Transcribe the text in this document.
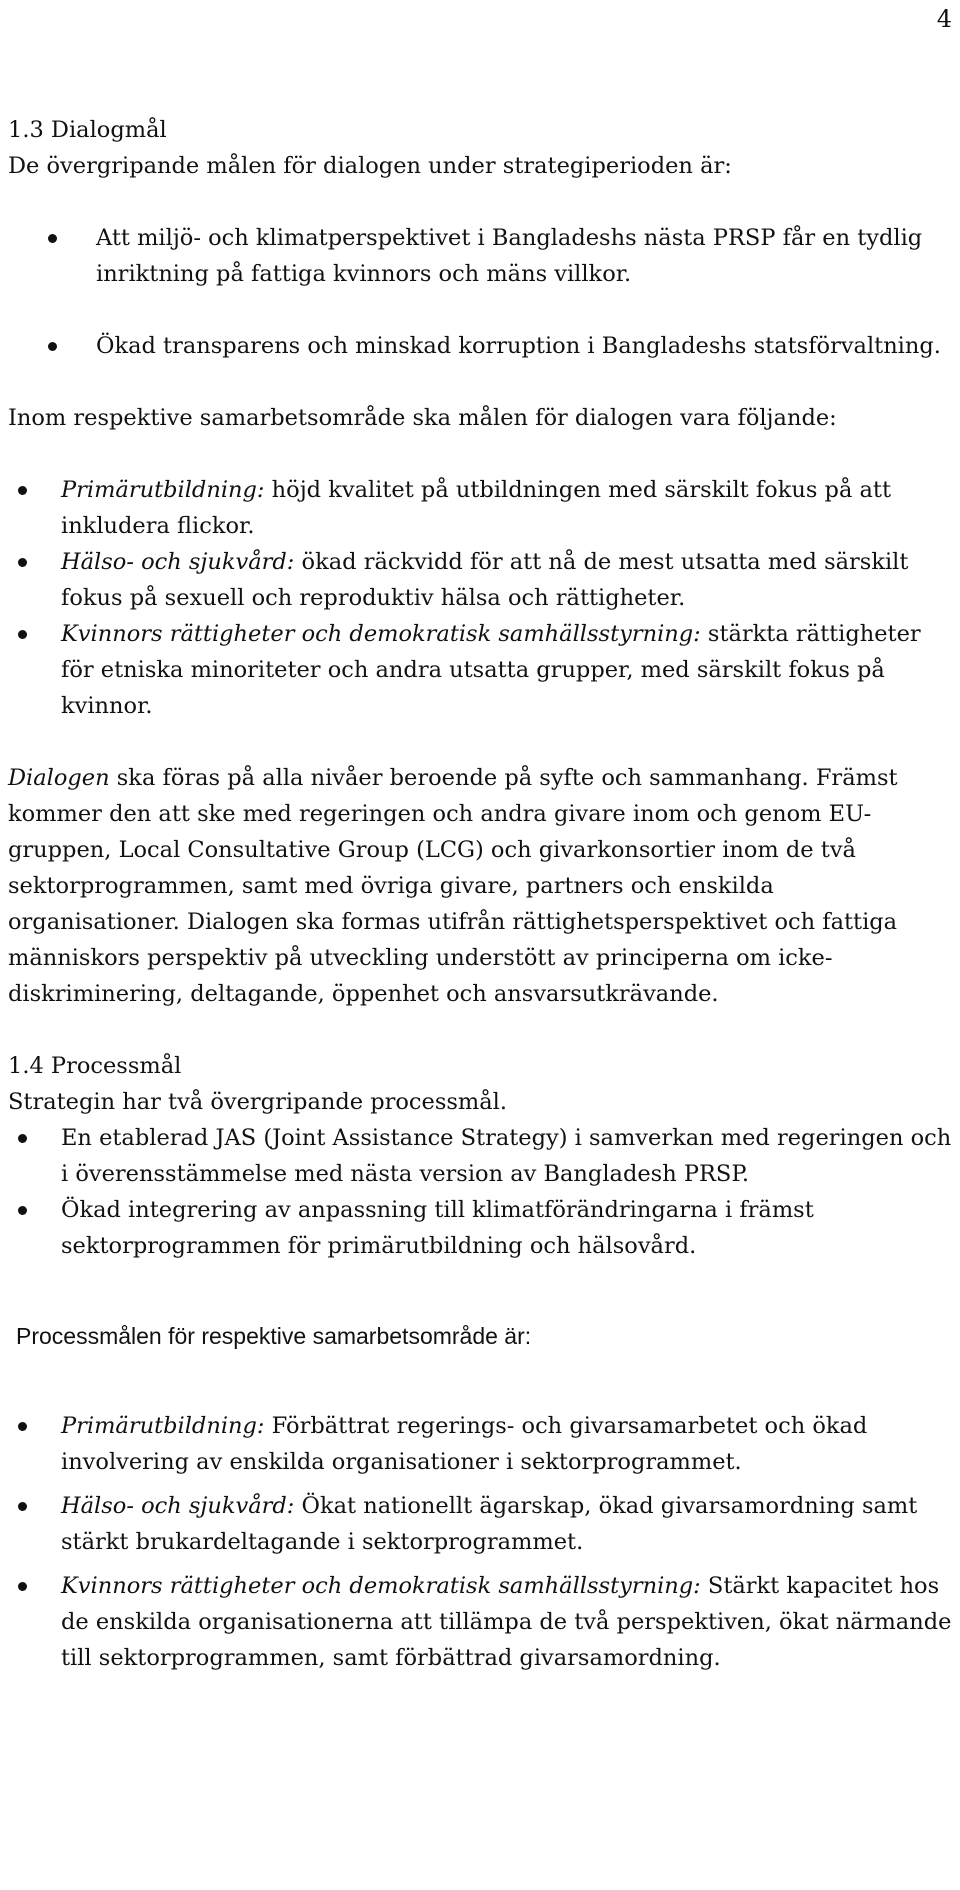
4

1.3 Dialogmål

De övergripande målen för dialogen under strategiperioden är:

Att miljö- och klimatperspektivet i Bangladeshs nästa PRSP får en tydlig inriktning på fattiga kvinnors och mäns villkor.
Ökad transparens och minskad korruption i Bangladeshs statsförvaltning.

Inom respektive samarbetsområde ska målen för dialogen vara följande:

Primärutbildning: höjd kvalitet på utbildningen med särskilt fokus på att inkludera flickor.
Hälso- och sjukvård: ökad räckvidd för att nå de mest utsatta med särskilt fokus på sexuell och reproduktiv hälsa och rättigheter.
Kvinnors rättigheter och demokratisk samhällsstyrning: stärkta rättigheter för etniska minoriteter och andra utsatta grupper, med särskilt fokus på kvinnor.

Dialogen ska föras på alla nivåer beroende på syfte och sammanhang. Främst kommer den att ske med regeringen och andra givare inom och genom EU-gruppen, Local Consultative Group (LCG) och givarkonsortier inom de två sektorprogrammen, samt med övriga givare, partners och enskilda organisationer. Dialogen ska formas utifrån rättighetsperspektivet och fattiga människors perspektiv på utveckling understött av principerna om icke-diskriminering, deltagande, öppenhet och ansvarsutkrävande.

1.4 Processmål

Strategin har två övergripande processmål.

En etablerad JAS (Joint Assistance Strategy) i samverkan med regeringen och i överensstämmelse med nästa version av Bangladesh PRSP.
Ökad integrering av anpassning till klimatförändringarna i främst sektorprogrammen för primärutbildning och hälsovård.

Processmålen för respektive samarbetsområde är:

Primärutbildning: Förbättrat regerings- och givarsamarbetet och ökad involvering av enskilda organisationer i sektorprogrammet.
Hälso- och sjukvård: Ökat nationellt ägarskap, ökad givarsamordning samt stärkt brukardeltagande i sektorprogrammet.
Kvinnors rättigheter och demokratisk samhällsstyrning: Stärkt kapacitet hos de enskilda organisationerna att tillämpa de två perspektiven, ökat närmande till sektorprogrammen, samt förbättrad givarsamordning.
